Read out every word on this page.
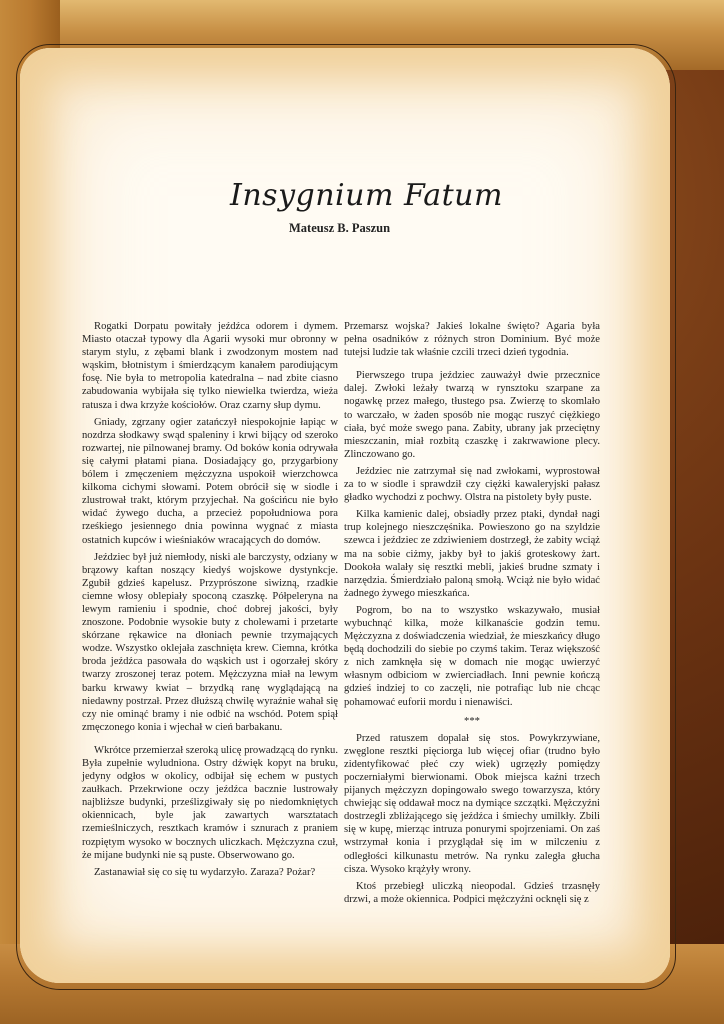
Insygnium Fatum
Mateusz B. Paszun

Rogatki Dorpatu powitały jeźdźca odorem i dymem. Miasto otaczał typowy dla Agarii wysoki mur obronny w starym stylu, z zębami blank i zwodzonym mostem nad wąskim, błotnistym i śmierdzącym kanałem parodiującym fosę. Nie była to metropolia katedralna – nad zbite ciasno zabudowania wybijała się tylko niewielka twierdza, wieża ratusza i dwa krzyże kościołów. Oraz czarny słup dymu.

Gniady, zgrzany ogier zatańczył niespokojnie łapiąc w nozdrza słodkawy swąd spaleniny i krwi bijący od szeroko rozwartej, nie pilnowanej bramy. Od boków konia odrywała się całymi płatami piana. Dosiadający go, przygarbiony bólem i zmęczeniem mężczyzna uspokoił wierzchowca kilkoma cichymi słowami. Potem obrócił się w siodle i zlustrował trakt, którym przyjechał. Na gościńcu nie było widać żywego ducha, a przecież popołudniowa pora rześkiego jesiennego dnia powinna wygnać z miasta ostatnich kupców i wieśniaków wracających do domów.

Jeździec był już niemłody, niski ale barczysty, odziany w brązowy kaftan noszący kiedyś wojskowe dystynkcje. Zgubił gdzieś kapelusz. Przyprószone siwizną, rzadkie ciemne włosy oblepiały spoconą czaszkę. Półpeleryna na lewym ramieniu i spodnie, choć dobrej jakości, były znoszone. Podobnie wysokie buty z cholewami i przetarte skórzane rękawice na dłoniach pewnie trzymających wodze. Wszystko oklejała zaschnięta krew. Ciemna, krótka broda jeźdźca pasowała do wąskich ust i ogorzałej skóry twarzy zroszonej teraz potem. Mężczyzna miał na lewym barku krwawy kwiat – brzydką ranę wyglądającą na niedawny postrzał. Przez dłuższą chwilę wyraźnie wahał się czy nie ominąć bramy i nie odbić na wschód. Potem spiął zmęczonego konia i wjechał w cień barbakanu.

Wkrótce przemierzał szeroką ulicę prowadzącą do rynku. Była zupełnie wyludniona. Ostry dźwięk kopyt na bruku, jedyny odgłos w okolicy, odbijał się echem w pustych zaułkach. Przekrwione oczy jeźdźca bacznie lustrowały najbliższe budynki, prześlizgiwały się po niedomkniętych okiennicach, byle jak zawartych warsztatach rzemieślniczych, resztkach kramów i sznurach z praniem rozpiętym wysoko w bocznych uliczkach. Mężczyzna czuł, że mijane budynki nie są puste. Obserwowano go.

Zastanawiał się co się tu wydarzyło. Zaraza? Pożar?

Przemarsz wojska? Jakieś lokalne święto? Agaria była pełna osadników z różnych stron Dominium. Być może tutejsi ludzie tak właśnie czcili trzeci dzień tygodnia.

Pierwszego trupa jeździec zauważył dwie przecznice dalej. Zwłoki leżały twarzą w rynsztoku szarpane za nogawkę przez małego, tłustego psa. Zwierzę to skomlało to warczało, w żaden sposób nie mogąc ruszyć ciężkiego ciała, być może swego pana. Zabity, ubrany jak przeciętny mieszczanin, miał rozbitą czaszkę i zakrwawione plecy. Zlinczowano go.

Jeździec nie zatrzymał się nad zwłokami, wyprostował za to w siodle i sprawdził czy ciężki kawaleryjski pałasz gładko wychodzi z pochwy. Olstra na pistolety były puste.

Kilka kamienic dalej, obsiadły przez ptaki, dyndał nagi trup kolejnego nieszczęśnika. Powieszono go na szyldzie szewca i jeździec ze zdziwieniem dostrzegł, że zabity wciąż ma na sobie ciżmy, jakby był to jakiś groteskowy żart. Dookoła walały się resztki mebli, jakieś brudne szmaty i narzędzia. Śmierdziało paloną smołą. Wciąż nie było widać żadnego żywego mieszkańca.

Pogrom, bo na to wszystko wskazywało, musiał wybuchnąć kilka, może kilkanaście godzin temu. Mężczyzna z doświadczenia wiedział, że mieszkańcy długo będą dochodzili do siebie po czymś takim. Teraz większość z nich zamknęła się w domach nie mogąc uwierzyć własnym odbiciom w zwierciadłach. Inni pewnie kończą gdzieś indziej to co zaczęli, nie potrafiąc lub nie chcąc pohamować euforii mordu i nienawiści.

***

Przed ratuszem dopalał się stos. Powykrzywiane, zwęglone resztki pięciorga lub więcej ofiar (trudno było zidentyfikować płeć czy wiek) ugrzęzły pomiędzy poczerniałymi bierwionami. Obok miejsca kaźni trzech pijanych mężczyzn dopingowało swego towarzysza, który chwiejąc się oddawał mocz na dymiące szczątki. Mężczyźni dostrzegli zbliżającego się jeźdźca i śmiechy umilkły. Zbili się w kupę, mierząc intruza ponurymi spojrzeniami. On zaś wstrzymał konia i przyglądał się im w milczeniu z odległości kilkunastu metrów. Na rynku zaległa głucha cisza. Wysoko krążyły wrony.

Ktoś przebiegł uliczką nieopodal. Gdzieś trzasnęły drzwi, a może okiennica. Podpici mężczyźni ocknęli się z
